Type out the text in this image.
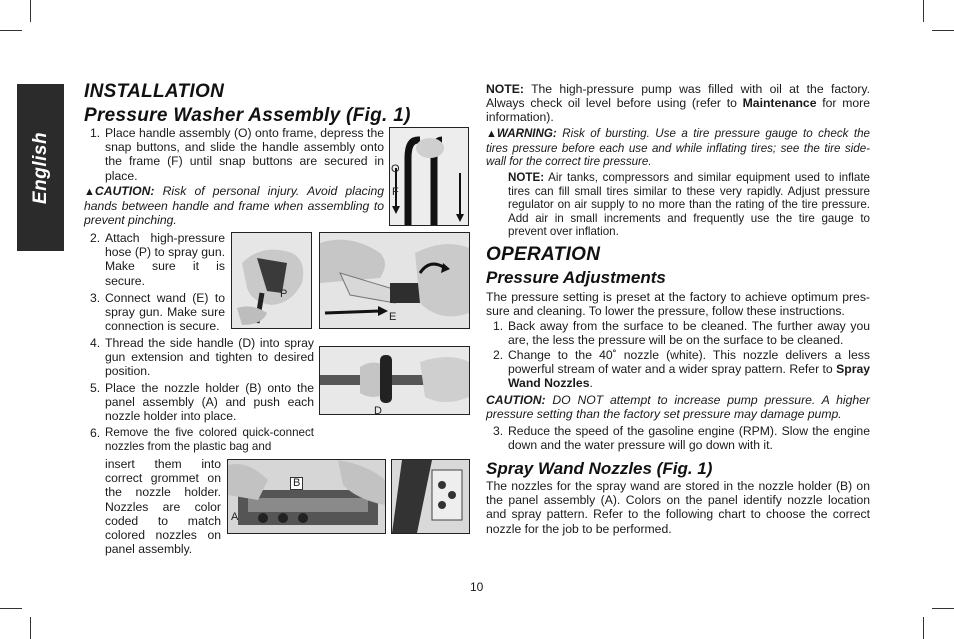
English
INSTALLATION
Pressure Washer Assembly (Fig. 1)
1. Place handle assembly (O) onto frame, depress the snap buttons, and slide the handle assembly onto the frame (F) until snap buttons are secured in place.
▲CAUTION: Risk of personal injury. Avoid placing hands between handle and frame when assembling to prevent pinching.
2. Attach high-pressure hose (P) to spray gun. Make sure it is secure.
3. Connect wand (E) to spray gun. Make sure connection is secure.
4. Thread the side handle (D) into spray gun extension and tighten to desired position.
5. Place the nozzle holder (B) onto the panel assembly (A) and push each nozzle holder into place.
6. Remove the five colored quick-connect nozzles from the plastic bag and
insert them into correct grommet on the nozzle holder. Nozzles are color coded to match colored nozzles on panel assembly.
O
F
P
E
D
B
A
NOTE: The high-pressure pump was filled with oil at the factory. Always check oil level before using (refer to Maintenance for more information).
▲WARNING: Risk of bursting. Use a tire pressure gauge to check the tires pressure before each use and while inflating tires; see the tire side-wall for the correct tire pressure.
NOTE: Air tanks, compressors and similar equipment used to inflate tires can fill small tires similar to these very rapidly. Adjust pressure regulator on air supply to no more than the rating of the tire pressure. Add air in small increments and frequently use the tire gauge to prevent over inflation.
OPERATION
Pressure Adjustments
The pressure setting is preset at the factory to achieve optimum pres-sure and cleaning. To lower the pressure, follow these instructions.
1. Back away from the surface to be cleaned. The further away you are, the less the pressure will be on the surface to be cleaned.
2. Change to the 40˚ nozzle (white). This nozzle delivers a less powerful stream of water and a wider spray pattern. Refer to Spray Wand Nozzles.
CAUTION: DO NOT attempt to increase pump pressure. A higher pressure setting than the factory set pressure may damage pump.
3. Reduce the speed of the gasoline engine (RPM). Slow the engine down and the water pressure will go down with it.
Spray Wand Nozzles (Fig. 1)
The nozzles for the spray wand are stored in the nozzle holder (B) on the panel assembly (A). Colors on the panel identify nozzle location and spray pattern. Refer to the following chart to choose the correct nozzle for the job to be performed.
10
